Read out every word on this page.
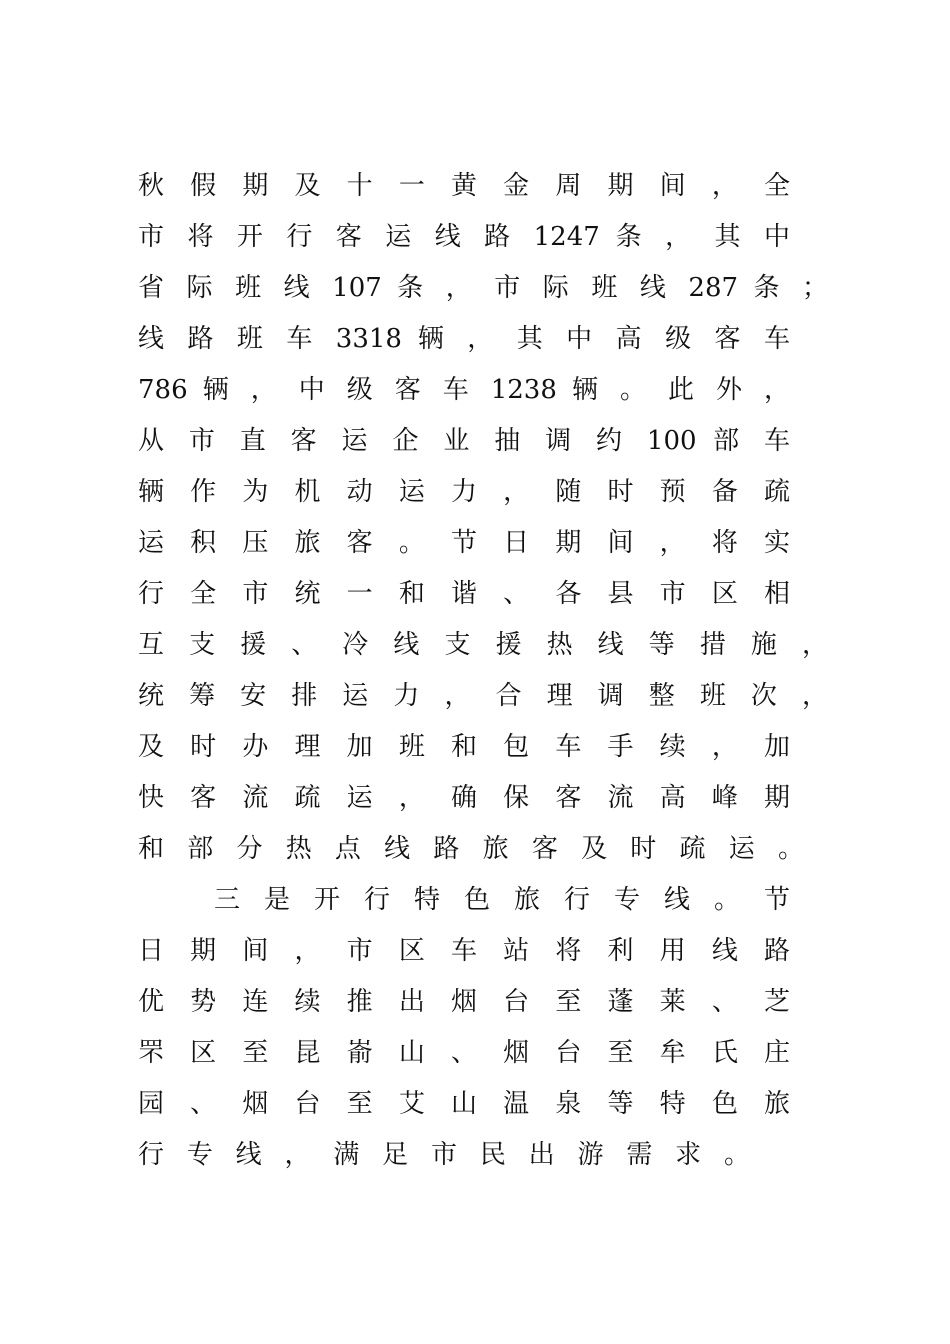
秋 假 期 及 十 一 黄 金 周 期 间 ， 全
市 将 开 行 客 运 线 路 1247 条 ， 其 中
省 际 班 线 107 条 ， 市 际 班 线 287 条 ；
线 路 班 车 3318 辆 ， 其 中 高 级 客 车
786 辆 ， 中 级 客 车 1238 辆 。 此 外 ，
从 市 直 客 运 企 业 抽 调 约 100 部 车
辆 作 为 机 动 运 力 ， 随 时 预 备 疏
运 积 压 旅 客 。 节 日 期 间 ， 将 实
行 全 市 统 一 和 谐 、 各 县 市 区 相
互 支 援 、 冷 线 支 援 热 线 等 措 施 ，
统 筹 安 排 运 力 ， 合 理 调 整 班 次 ，
及 时 办 理 加 班 和 包 车 手 续 ， 加
快 客 流 疏 运 ， 确 保 客 流 高 峰 期
和 部 分 热 点 线 路 旅 客 及 时 疏 运 。
三 是 开 行 特 色 旅 行 专 线 。 节
日 期 间 ， 市 区 车 站 将 利 用 线 路
优 势 连 续 推 出 烟 台 至 蓬 莱 、 芝
罘 区 至 昆 嵛 山 、 烟 台 至 牟 氏 庄
园 、 烟 台 至 艾 山 温 泉 等 特 色 旅
行 专 线 ， 满 足 市 民 出 游 需 求 。
